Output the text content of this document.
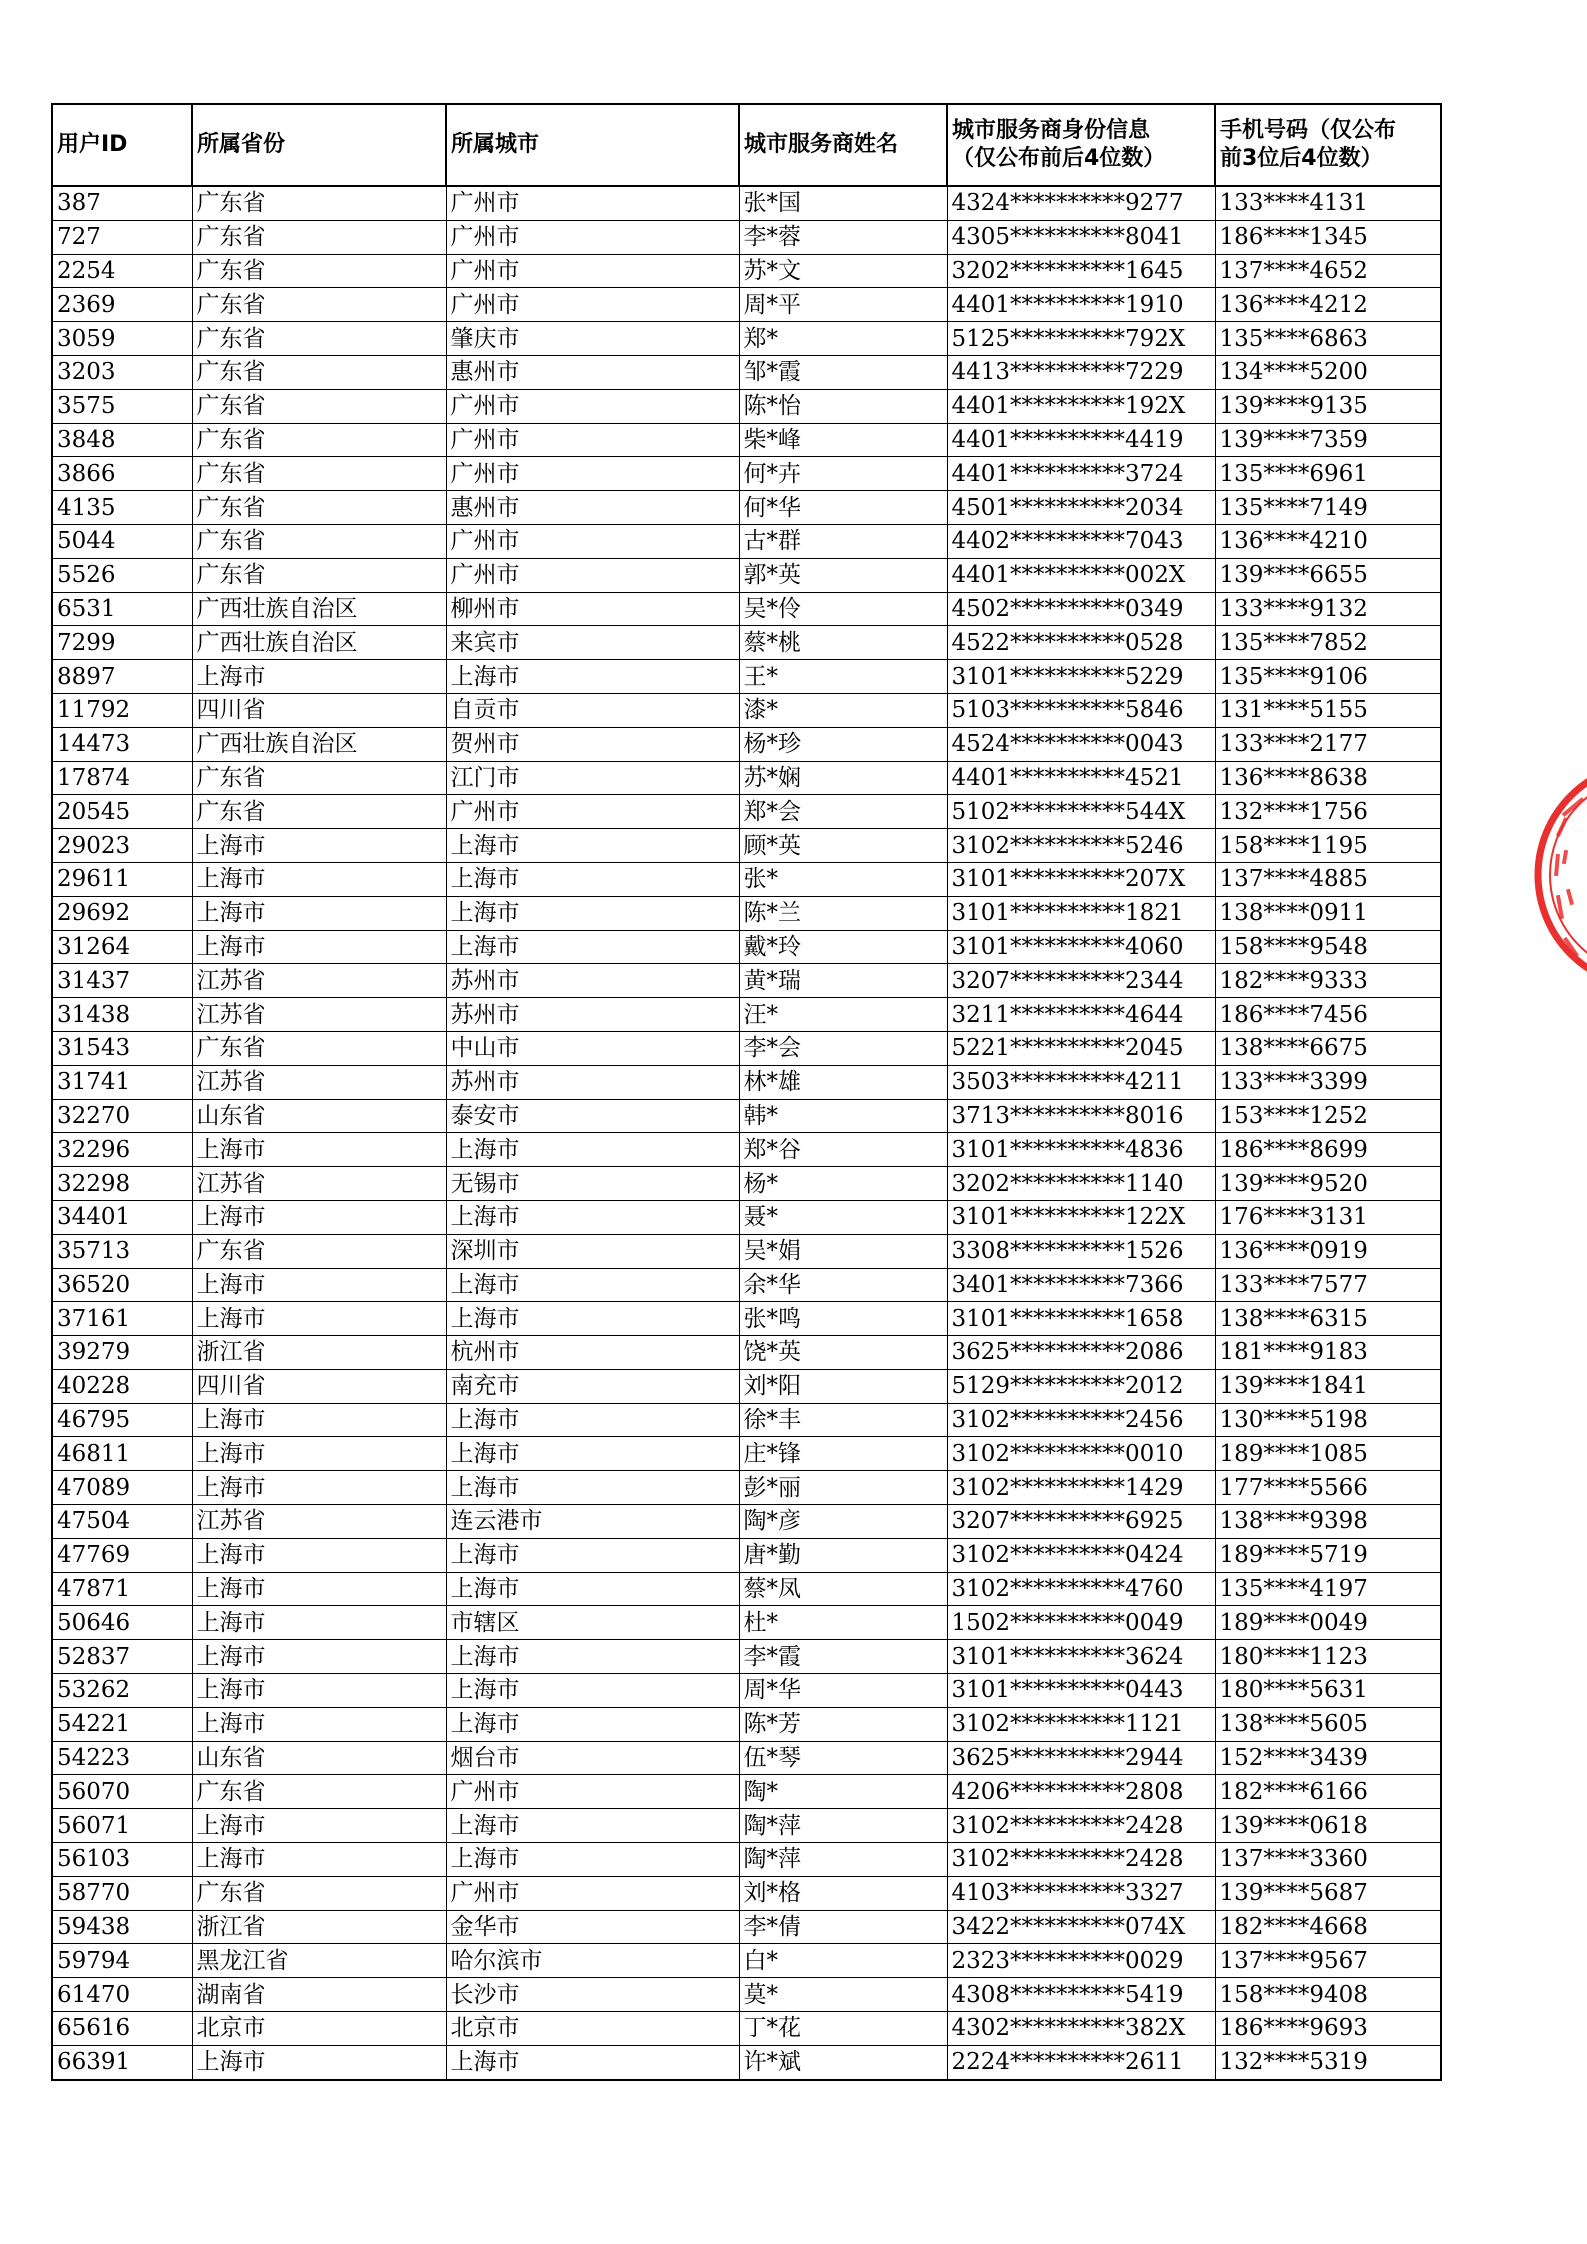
用户ID	所属省份	所属城市	城市服务商姓名	城市服务商身份信息
（仅公布前后4位数）	手机号码（仅公布
前3位后4位数）
387	广东省	广州市	张*国	4324**********9277	133****4131
727	广东省	广州市	李*蓉	4305**********8041	186****1345
2254	广东省	广州市	苏*文	3202**********1645	137****4652
2369	广东省	广州市	周*平	4401**********1910	136****4212
3059	广东省	肇庆市	郑*	5125**********792X	135****6863
3203	广东省	惠州市	邹*霞	4413**********7229	134****5200
3575	广东省	广州市	陈*怡	4401**********192X	139****9135
3848	广东省	广州市	柴*峰	4401**********4419	139****7359
3866	广东省	广州市	何*卉	4401**********3724	135****6961
4135	广东省	惠州市	何*华	4501**********2034	135****7149
5044	广东省	广州市	古*群	4402**********7043	136****4210
5526	广东省	广州市	郭*英	4401**********002X	139****6655
6531	广西壮族自治区	柳州市	吴*伶	4502**********0349	133****9132
7299	广西壮族自治区	来宾市	蔡*桃	4522**********0528	135****7852
8897	上海市	上海市	王*	3101**********5229	135****9106
11792	四川省	自贡市	漆*	5103**********5846	131****5155
14473	广西壮族自治区	贺州市	杨*珍	4524**********0043	133****2177
17874	广东省	江门市	苏*娴	4401**********4521	136****8638
20545	广东省	广州市	郑*会	5102**********544X	132****1756
29023	上海市	上海市	顾*英	3102**********5246	158****1195
29611	上海市	上海市	张*	3101**********207X	137****4885
29692	上海市	上海市	陈*兰	3101**********1821	138****0911
31264	上海市	上海市	戴*玲	3101**********4060	158****9548
31437	江苏省	苏州市	黄*瑞	3207**********2344	182****9333
31438	江苏省	苏州市	汪*	3211**********4644	186****7456
31543	广东省	中山市	李*会	5221**********2045	138****6675
31741	江苏省	苏州市	林*雄	3503**********4211	133****3399
32270	山东省	泰安市	韩*	3713**********8016	153****1252
32296	上海市	上海市	郑*谷	3101**********4836	186****8699
32298	江苏省	无锡市	杨*	3202**********1140	139****9520
34401	上海市	上海市	聂*	3101**********122X	176****3131
35713	广东省	深圳市	吴*娟	3308**********1526	136****0919
36520	上海市	上海市	余*华	3401**********7366	133****7577
37161	上海市	上海市	张*鸣	3101**********1658	138****6315
39279	浙江省	杭州市	饶*英	3625**********2086	181****9183
40228	四川省	南充市	刘*阳	5129**********2012	139****1841
46795	上海市	上海市	徐*丰	3102**********2456	130****5198
46811	上海市	上海市	庄*锋	3102**********0010	189****1085
47089	上海市	上海市	彭*丽	3102**********1429	177****5566
47504	江苏省	连云港市	陶*彦	3207**********6925	138****9398
47769	上海市	上海市	唐*勤	3102**********0424	189****5719
47871	上海市	上海市	蔡*凤	3102**********4760	135****4197
50646	上海市	市辖区	杜*	1502**********0049	189****0049
52837	上海市	上海市	李*霞	3101**********3624	180****1123
53262	上海市	上海市	周*华	3101**********0443	180****5631
54221	上海市	上海市	陈*芳	3102**********1121	138****5605
54223	山东省	烟台市	伍*琴	3625**********2944	152****3439
56070	广东省	广州市	陶*	4206**********2808	182****6166
56071	上海市	上海市	陶*萍	3102**********2428	139****0618
56103	上海市	上海市	陶*萍	3102**********2428	137****3360
58770	广东省	广州市	刘*格	4103**********3327	139****5687
59438	浙江省	金华市	李*倩	3422**********074X	182****4668
59794	黑龙江省	哈尔滨市	白*	2323**********0029	137****9567
61470	湖南省	长沙市	莫*	4308**********5419	158****9408
65616	北京市	北京市	丁*花	4302**********382X	186****9693
66391	上海市	上海市	许*斌	2224**********2611	132****5319
